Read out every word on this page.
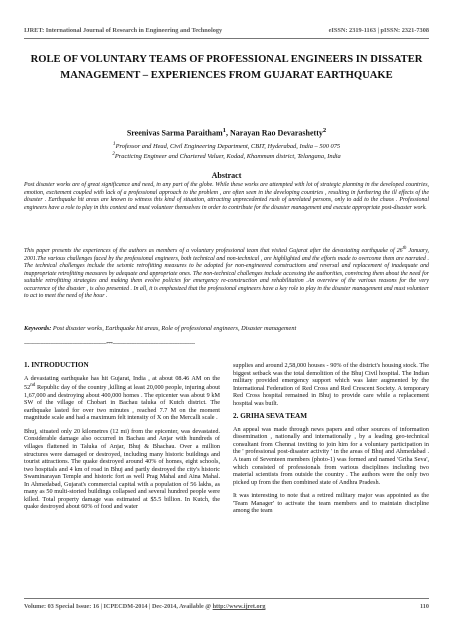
IJRET: International Journal of Research in Engineering and Technology	eISSN: 2319-1163 | pISSN: 2321-7308
ROLE OF VOLUNTARY TEAMS OF PROFESSIONAL ENGINEERS IN DISSATER MANAGEMENT – EXPERIENCES FROM GUJARAT EARTHQUAKE
Sreenivas Sarma Paraitham$^1$, Narayan Rao Devarashetty$^2$
$^1$Professor and Head, Civil Engineering Department, CBIT, Hyderabad, India – 500 075
$^2$Practicing Engineer and Chartered Valuer, Kodad, Khammam district, Telangana, India
Abstract
Post disaster works are of great significance and need, in any part of the globe. While these works are attempted with lot of strategic planning in the developed countries, emotion, excitement coupled with lack of a professional approach to the problem , are often seen in the developing countries , resulting in furthering the ill effects of the disaster . Earthquake hit areas are known to witness this kind of situation, attracting unprecedented rush of unrelated persons, only to add to the chaos . Professional engineers have a role to play in this context and must volunteer themselves in order to contribute for the disaster management and execute appropriate post-disaster work.
This paper presents the experiences of the authors as members of a voluntary professional team that visited Gujarat after the devastating earthquake of 26th January, 2001.The various challenges faced by the professional engineers, both technical and non-technical , are highlighted and the efforts made to overcome them are narrated . The technical challenges include the seismic retrofitting measures to be adopted for non-engineered constructions and reversal and replacement of inadequate and inappropriate retrofitting measures by adequate and appropriate ones. The non-technical challenges include accessing the authorities, convincing them about the need for suitable retrofitting strategies and making them evolve policies for emergency re-construction and rehabilitation .An overview of the various reasons for the very occurrence of the disaster , is also presented . In all, it is emphasized that the professional engineers have a key role to play in the disaster management and must volunteer to act to meet the need of the hour .
Keywords: Post disaster works, Earthquake hit areas, Role of professional engineers, Disaster management
-----------------------------------------------------------------***-----------------------------------------------------------------
1. INTRODUCTION

A devastating earthquake has hit Gujarat, India , at about 08.46 AM on the 52nd Republic day of the country ,killing at least 20,000 people, injuring about 1,67,000 and destroying about 400,000 homes . The epicenter was about 9 kM SW of the village of Chobari in Bachau taluka of Kutch district. The earthquake lasted for over two minutes , reached 7.7 M on the moment magnitude scale and had a maximum felt intensity of X on the Mercalli scale .

Bhuj, situated only 20 kilometres (12 mi) from the epicenter, was devastated. Considerable damage also occurred in Bachau and Anjar with hundreds of villages flattened in Taluka of Anjar, Bhuj & Bhachau. Over a million structures were damaged or destroyed, including many historic buildings and tourist attractions. The quake destroyed around 40% of homes, eight schools, two hospitals and 4 km of road in Bhuj and partly destroyed the city's historic Swaminarayan Temple and historic fort as well Prag Mahal and Aina Mahal. In Ahmedabad, Gujarat's commercial capital with a population of 56 lakhs, as many as 50 multi-storied buildings collapsed and several hundred people were killed. Total property damage was estimated at $5.5 billion. In Kutch, the quake destroyed about 60% of food and water

supplies and around 2,58,000 houses - 90% of the district's housing stock. The biggest setback was the total demolition of the Bhuj Civil hospital. The Indian military provided emergency support which was later augmented by the International Federation of Red Cross and Red Crescent Society. A temporary Red Cross hospital remained in Bhuj to provide care while a replacement hospital was built.

2. GRIHA SEVA TEAM

An appeal was made through news papers and other sources of information dissemination , nationally and internationally , by a leading geo-technical consultant from Chennai inviting to join him for a voluntary participation in the ' professional post-disaster activity ' in the areas of Bhuj and Ahmedabad . A team of Seventeen members (photo-1) was formed and named 'Griha Seva', which consisted of professionals from various disciplines including two material scientists from outside the country . The authors were the only two picked up from the then combined state of Andhra Pradesh.

It was interesting to note that a retired military major was appointed as the 'Team Manager' to activate the team members and to maintain discipline among the team

Volume: 03 Special Issue: 16 | ICPECDM-2014 | Dec-2014, Available @ http://www.ijret.org	110
